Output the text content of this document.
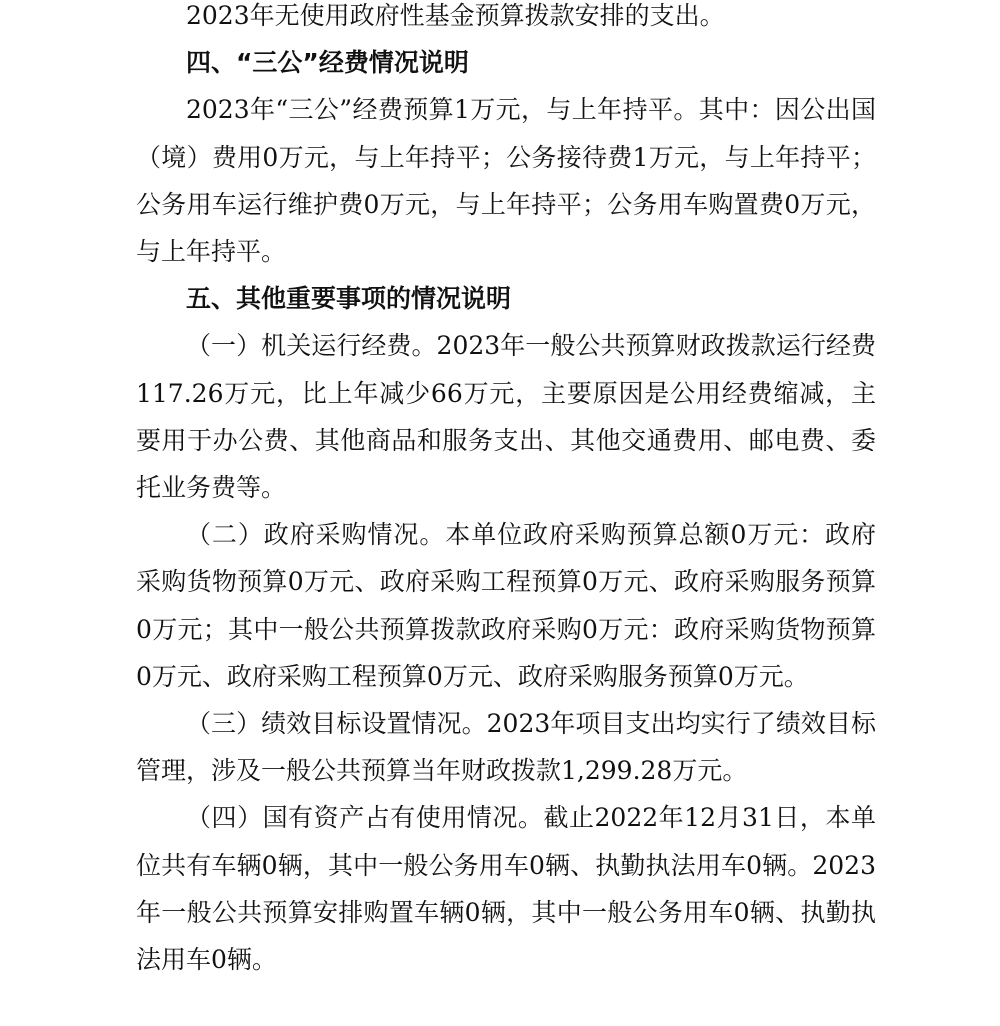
2023年无使用政府性基金预算拨款安排的支出。

四、“三公”经费情况说明

2023年“三公”经费预算1万元，与上年持平。其中：因公出国（境）费用0万元，与上年持平；公务接待费1万元，与上年持平；公务用车运行维护费0万元，与上年持平；公务用车购置费0万元，与上年持平。

五、其他重要事项的情况说明

（一）机关运行经费。2023年一般公共预算财政拨款运行经费117.26万元，比上年减少66万元，主要原因是公用经费缩减，主要用于办公费、其他商品和服务支出、其他交通费用、邮电费、委托业务费等。

（二）政府采购情况。本单位政府采购预算总额0万元：政府采购货物预算0万元、政府采购工程预算0万元、政府采购服务预算0万元；其中一般公共预算拨款政府采购0万元：政府采购货物预算0万元、政府采购工程预算0万元、政府采购服务预算0万元。

（三）绩效目标设置情况。2023年项目支出均实行了绩效目标管理，涉及一般公共预算当年财政拨款1,299.28万元。

（四）国有资产占有使用情况。截止2022年12月31日，本单位共有车辆0辆，其中一般公务用车0辆、执勤执法用车0辆。2023年一般公共预算安排购置车辆0辆，其中一般公务用车0辆、执勤执法用车0辆。
